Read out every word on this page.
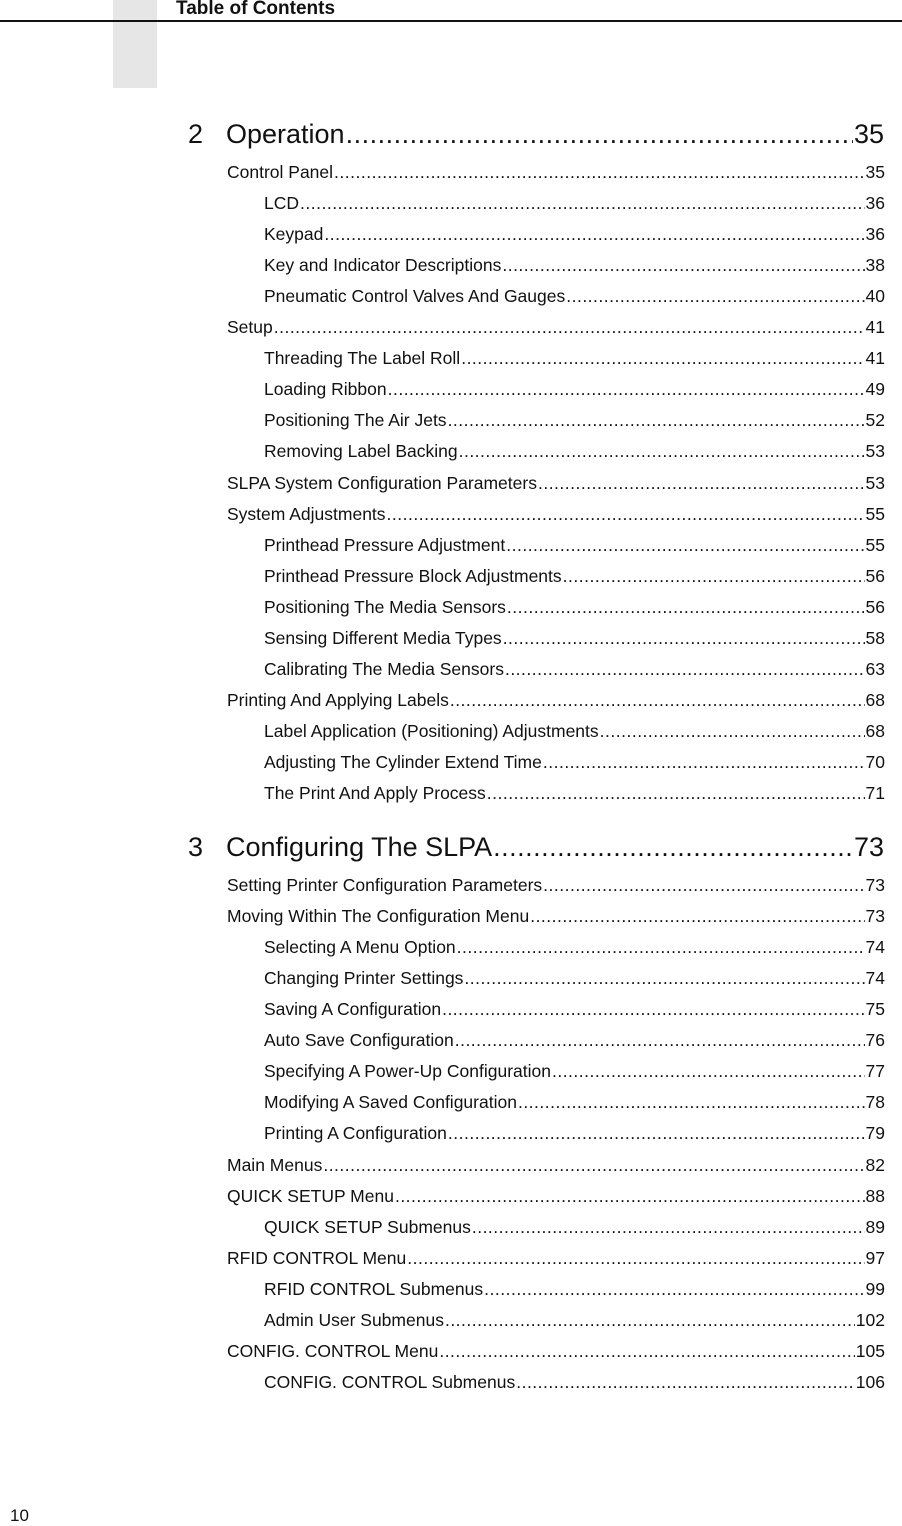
Table of Contents
2 Operation .....	35
Control Panel .....	35
LCD .....	36
Keypad .....	36
Key and Indicator Descriptions .....	38
Pneumatic Control Valves And Gauges .....	40
Setup .....	41
Threading The Label Roll .....	41
Loading Ribbon .....	49
Positioning The Air Jets .....	52
Removing Label Backing .....	53
SLPA System Configuration Parameters .....	53
System Adjustments .....	55
Printhead Pressure Adjustment .....	55
Printhead Pressure Block Adjustments .....	56
Positioning The Media Sensors .....	56
Sensing Different Media Types .....	58
Calibrating The Media Sensors .....	63
Printing And Applying Labels .....	68
Label Application (Positioning) Adjustments .....	68
Adjusting The Cylinder Extend Time .....	70
The Print And Apply Process .....	71
3 Configuring The SLPA .....	73
Setting Printer Configuration Parameters .....	73
Moving Within The Configuration Menu .....	73
Selecting A Menu Option .....	74
Changing Printer Settings .....	74
Saving A Configuration .....	75
Auto Save Configuration .....	76
Specifying A Power-Up Configuration .....	77
Modifying A Saved Configuration .....	78
Printing A Configuration .....	79
Main Menus .....	82
QUICK SETUP Menu .....	88
QUICK SETUP Submenus .....	89
RFID CONTROL Menu .....	97
RFID CONTROL Submenus .....	99
Admin User Submenus .....	102
CONFIG. CONTROL Menu .....	105
CONFIG. CONTROL Submenus .....	106
10
